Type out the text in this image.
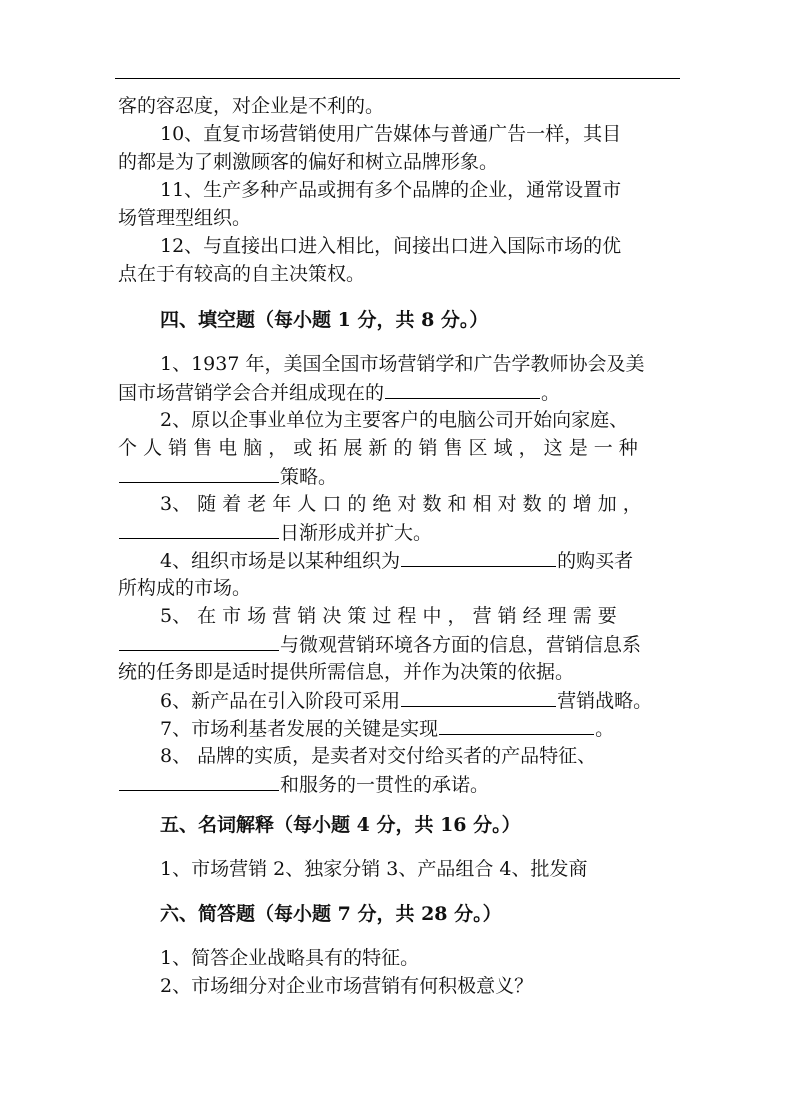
客的容忍度，对企业是不利的。
10、直复市场营销使用广告媒体与普通广告一样，其目
的都是为了刺激顾客的偏好和树立品牌形象。
11、生产多种产品或拥有多个品牌的企业，通常设置市
场管理型组织。
12、与直接出口进入相比，间接出口进入国际市场的优
点在于有较高的自主决策权。
四、填空题（每小题 1 分，共 8 分。）
1、1937 年，美国全国市场营销学和广告学教师协会及美
国市场营销学会合并组成现在的	。
2、原以企事业单位为主要客户的电脑公司开始向家庭、
个 人 销 售 电 脑 ， 或 拓 展 新 的 销 售 区 域 ， 这 是 一 种
策略。
3、 随 着 老 年 人 口 的 绝 对 数 和 相 对 数 的 增 加 ，
日渐形成并扩大。
4、组织市场是以某种组织为	的购买者
所构成的市场。
5、 在 市 场 营 销 决 策 过 程 中 ， 营 销 经 理 需 要
与微观营销环境各方面的信息，营销信息系
统的任务即是适时提供所需信息，并作为决策的依据。
6、新产品在引入阶段可采用	营销战略。
7、市场利基者发展的关键是实现	。
8、 品牌的实质，是卖者对交付给买者的产品特征、
和服务的一贯性的承诺。
五、名词解释（每小题 4 分，共 16 分。）
1、市场营销 2、独家分销 3、产品组合 4、批发商
六、简答题（每小题 7 分，共 28 分。）
1、简答企业战略具有的特征。
2、市场细分对企业市场营销有何积极意义？
